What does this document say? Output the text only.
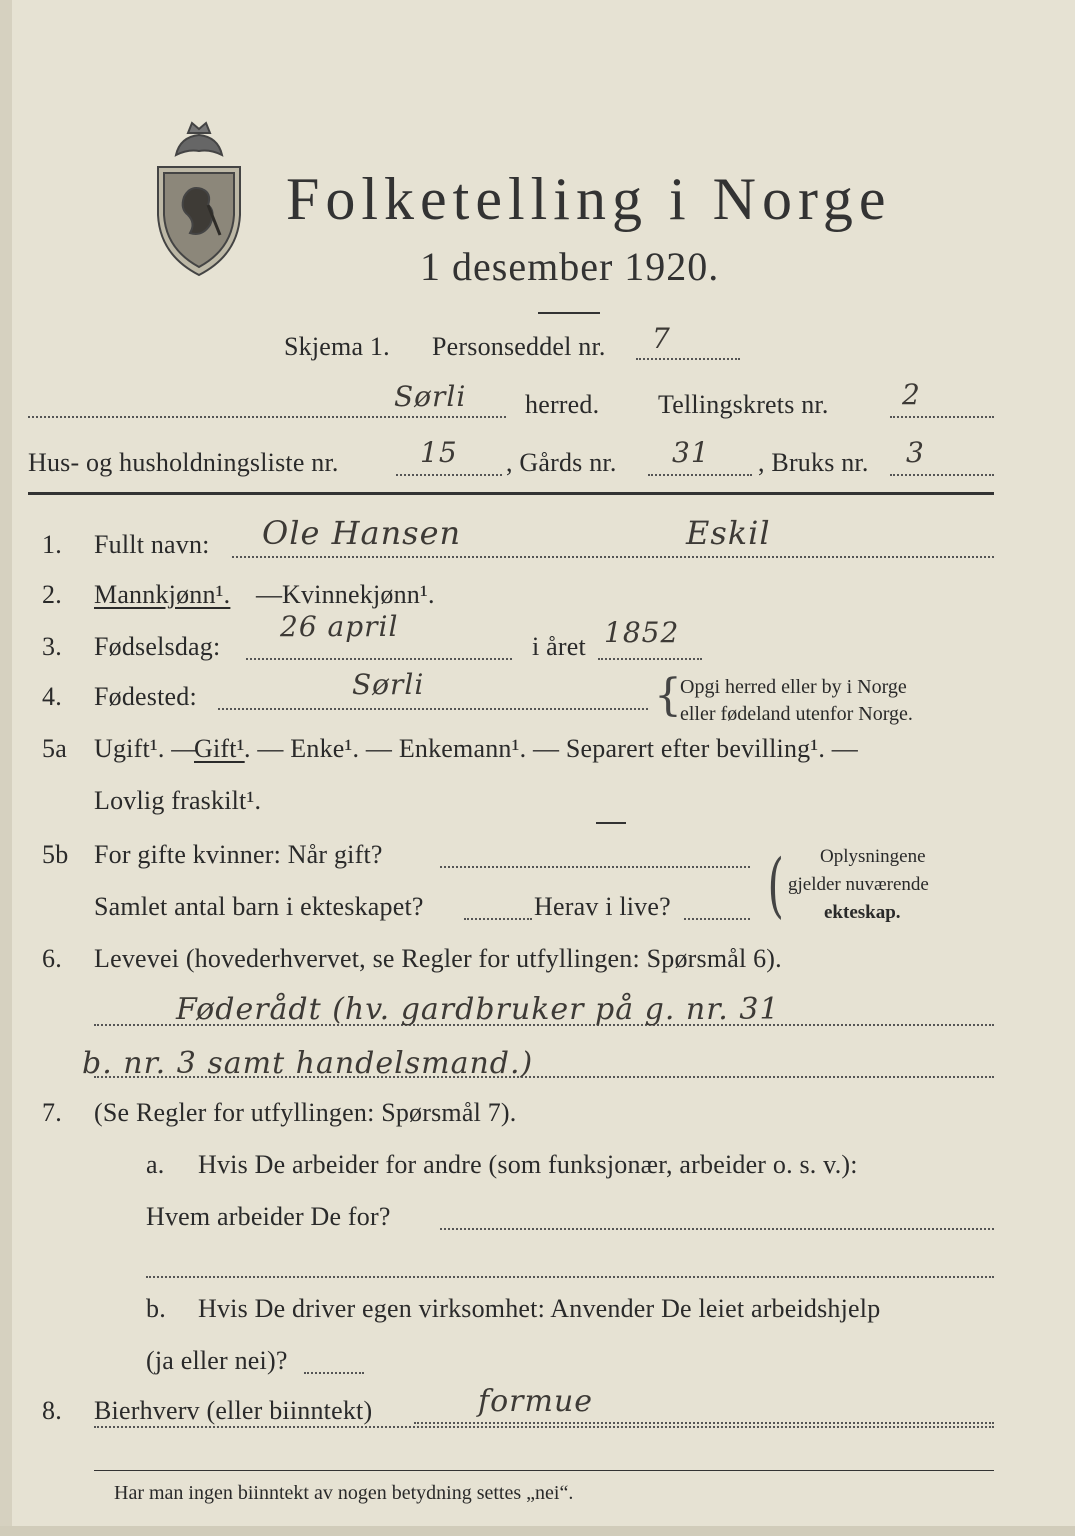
Folketelling i Norge
1 desember 1920.
Skjema 1. Personseddel nr. 7
Sørli herred. Tellingskrets nr.	2
Hus- og husholdningsliste nr.	15 , Gårds nr. 31 , Bruks nr. 3
1. Fullt navn: Ole Hansen	Eskil
2. Mannkjønn¹. — Kvinnekjønn¹.
3. Fødselsdag:
26 april
i året 1852
4. Fødested:	Sørli	{
Opgi herred eller by i Norge
eller fødeland utenfor Norge.
5a Ugift¹. —
Gift¹ . — Enke¹. — Enkemann¹. — Separert efter bevilling¹. —
Lovlig fraskilt¹.
5b For gifte kvinner: Når gift?
Samlet antal barn i ekteskapet?	Herav i live? ( Oplysningene
gjelder nuværende
ekteskap.
6. Levevei (hovederhvervet, se Regler for utfyllingen: Spørsmål 6).
Føderådt (hv. gardbruker på g. nr. 31
b. nr. 3 samt handelsmand.)
7. (Se Regler for utfyllingen: Spørsmål 7).
a. Hvis De arbeider for andre (som funksjonær, arbeider o. s. v.):
Hvem arbeider De for?
b. Hvis De driver egen virksomhet: Anvender De leiet arbeidshjelp
(ja eller nei)?
8. Bierhverv (eller biinntekt)	formue
Har man ingen biinntekt av nogen betydning settes „nei“.
